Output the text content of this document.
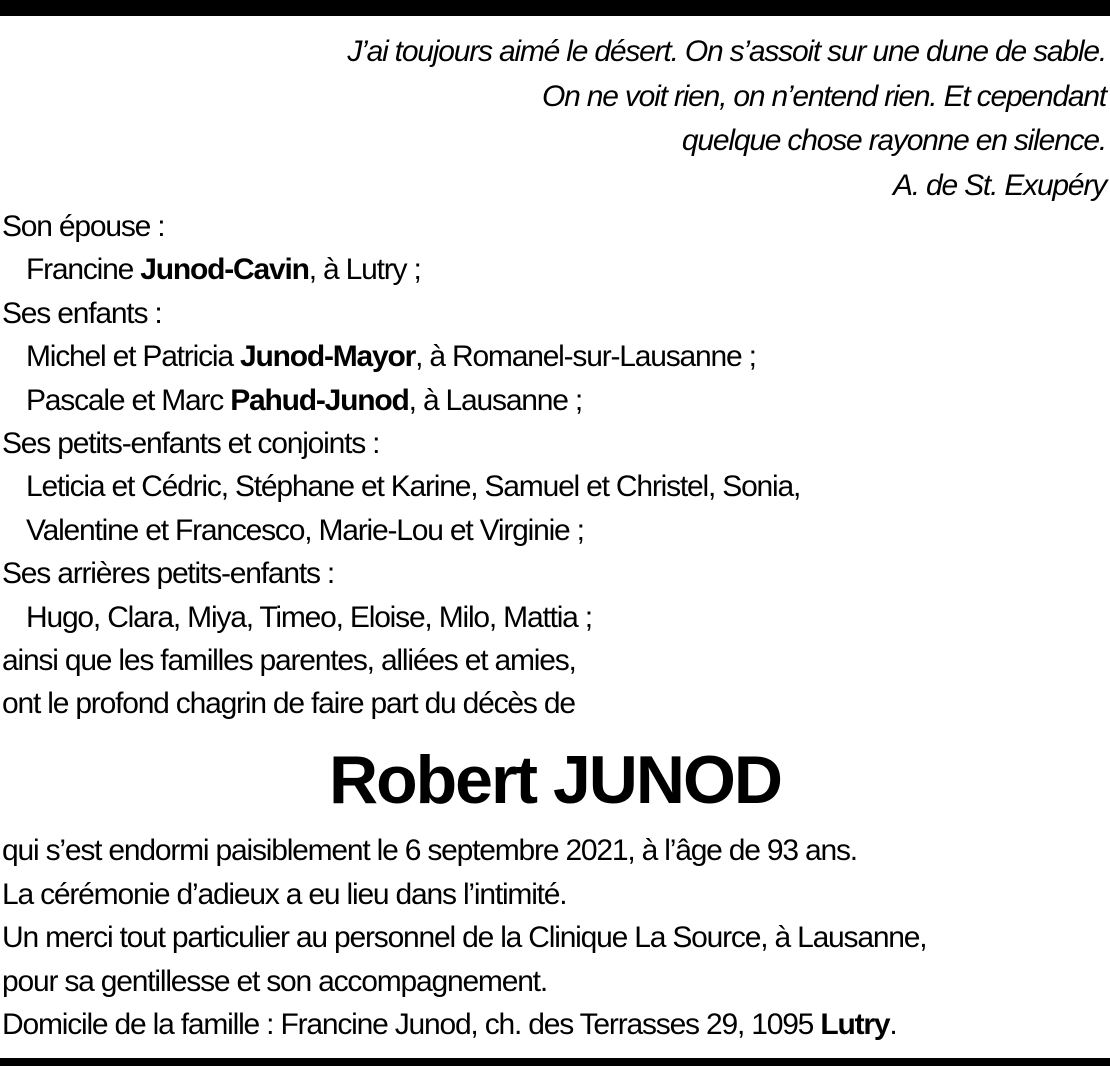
J’ai toujours aimé le désert. On s’assoit sur une dune de sable.
On ne voit rien, on n’entend rien. Et cependant
quelque chose rayonne en silence.
A. de St. Exupéry
Son épouse :
Francine Junod-Cavin, à Lutry ;
Ses enfants :
Michel et Patricia Junod-Mayor, à Romanel-sur-Lausanne ;
Pascale et Marc Pahud-Junod, à Lausanne ;
Ses petits-enfants et conjoints :
Leticia et Cédric, Stéphane et Karine, Samuel et Christel, Sonia,
Valentine et Francesco, Marie-Lou et Virginie ;
Ses arrières petits-enfants :
Hugo, Clara, Miya, Timeo, Eloise, Milo, Mattia ;
ainsi que les familles parentes, alliées et amies,
ont le profond chagrin de faire part du décès de
Robert JUNOD
qui s’est endormi paisiblement le 6 septembre 2021, à l’âge de 93 ans.
La cérémonie d’adieux a eu lieu dans l’intimité.
Un merci tout particulier au personnel de la Clinique La Source, à Lausanne,
pour sa gentillesse et son accompagnement.
Domicile de la famille : Francine Junod, ch. des Terrasses 29, 1095 Lutry.
